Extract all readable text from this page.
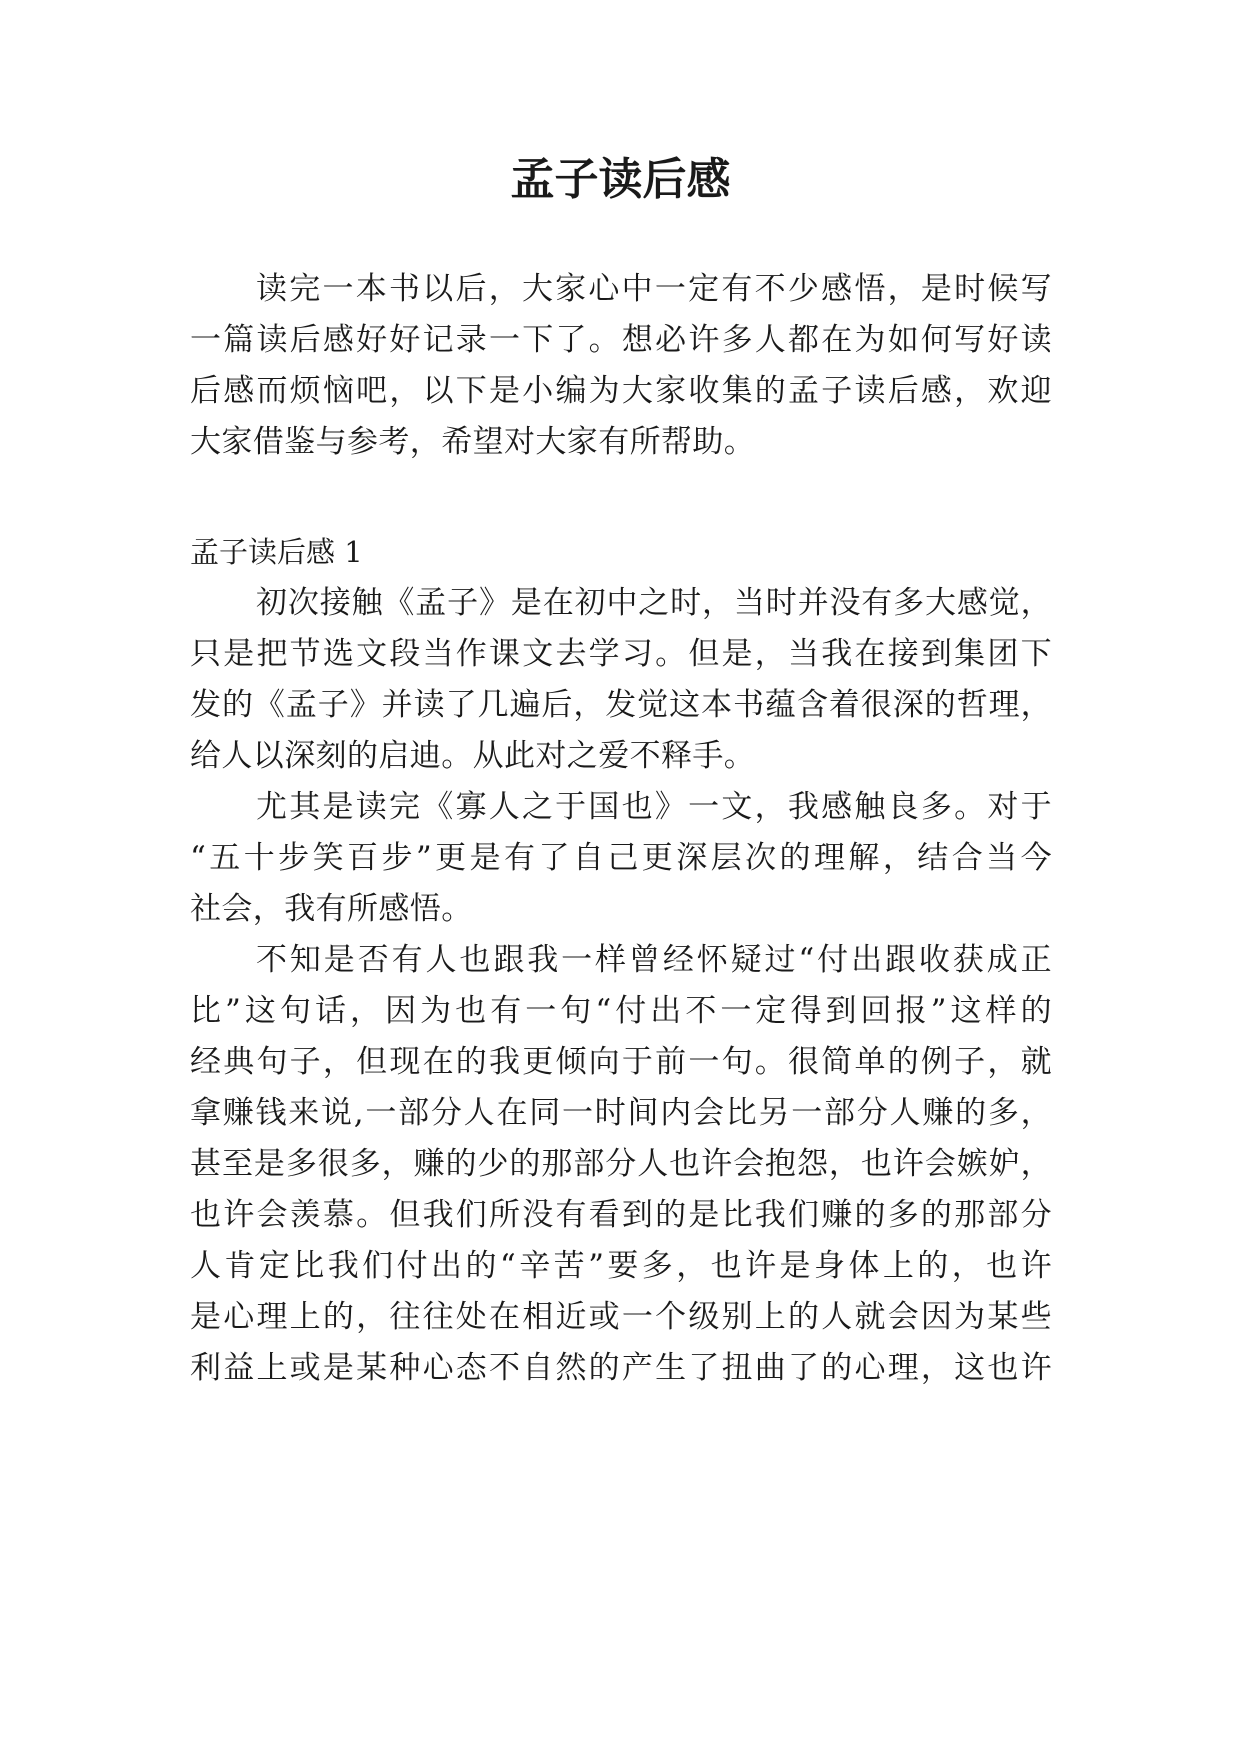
孟子读后感

读完一本书以后，大家心中一定有不少感悟，是时候写

一篇读后感好好记录一下了。想必许多人都在为如何写好读

后感而烦恼吧，以下是小编为大家收集的孟子读后感，欢迎

大家借鉴与参考，希望对大家有所帮助。

孟子读后感 1

初次接触《孟子》是在初中之时，当时并没有多大感觉，

只是把节选文段当作课文去学习。但是，当我在接到集团下

发的《孟子》并读了几遍后，发觉这本书蕴含着很深的哲理，

给人以深刻的启迪。从此对之爱不释手。

尤其是读完《寡人之于国也》一文，我感触良多。对于

“五十步笑百步”更是有了自己更深层次的理解，结合当今

社会，我有所感悟。

不知是否有人也跟我一样曾经怀疑过“付出跟收获成正

比”这句话，因为也有一句“付出不一定得到回报”这样的

经典句子，但现在的我更倾向于前一句。很简单的例子，就

拿赚钱来说,一部分人在同一时间内会比另一部分人赚的多，

甚至是多很多，赚的少的那部分人也许会抱怨，也许会嫉妒，

也许会羡慕。但我们所没有看到的是比我们赚的多的那部分

人肯定比我们付出的“辛苦”要多，也许是身体上的，也许

是心理上的，往往处在相近或一个级别上的人就会因为某些

利益上或是某种心态不自然的产生了扭曲了的心理，这也许
